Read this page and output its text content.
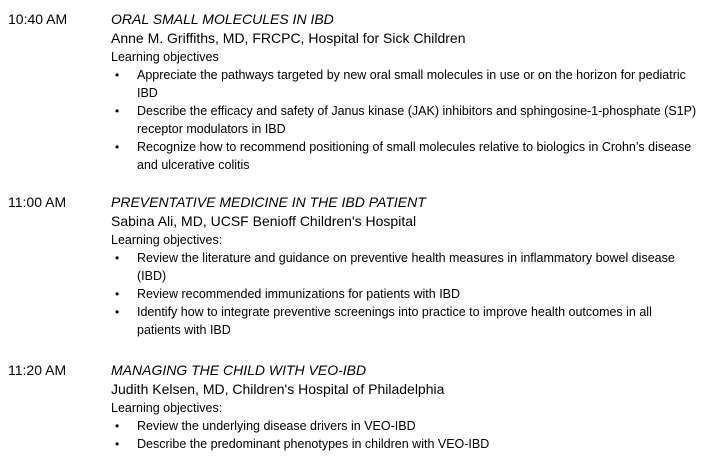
10:40 AM	ORAL SMALL MOLECULES IN IBD
Anne M. Griffiths, MD, FRCPC, Hospital for Sick Children
Learning objectives
• Appreciate the pathways targeted by new oral small molecules in use or on the horizon for pediatric IBD
• Describe the efficacy and safety of Janus kinase (JAK) inhibitors and sphingosine-1-phosphate (S1P) receptor modulators in IBD
• Recognize how to recommend positioning of small molecules relative to biologics in Crohn’s disease and ulcerative colitis
11:00 AM	PREVENTATIVE MEDICINE IN THE IBD PATIENT
Sabina Ali, MD, UCSF Benioff Children's Hospital
Learning objectives:
• Review the literature and guidance on preventive health measures in inflammatory bowel disease (IBD)
• Review recommended immunizations for patients with IBD
• Identify how to integrate preventive screenings into practice to improve health outcomes in all patients with IBD
11:20 AM	MANAGING THE CHILD WITH VEO-IBD
Judith Kelsen, MD, Children's Hospital of Philadelphia
Learning objectives:
• Review the underlying disease drivers in VEO-IBD
• Describe the predominant phenotypes in children with VEO-IBD
